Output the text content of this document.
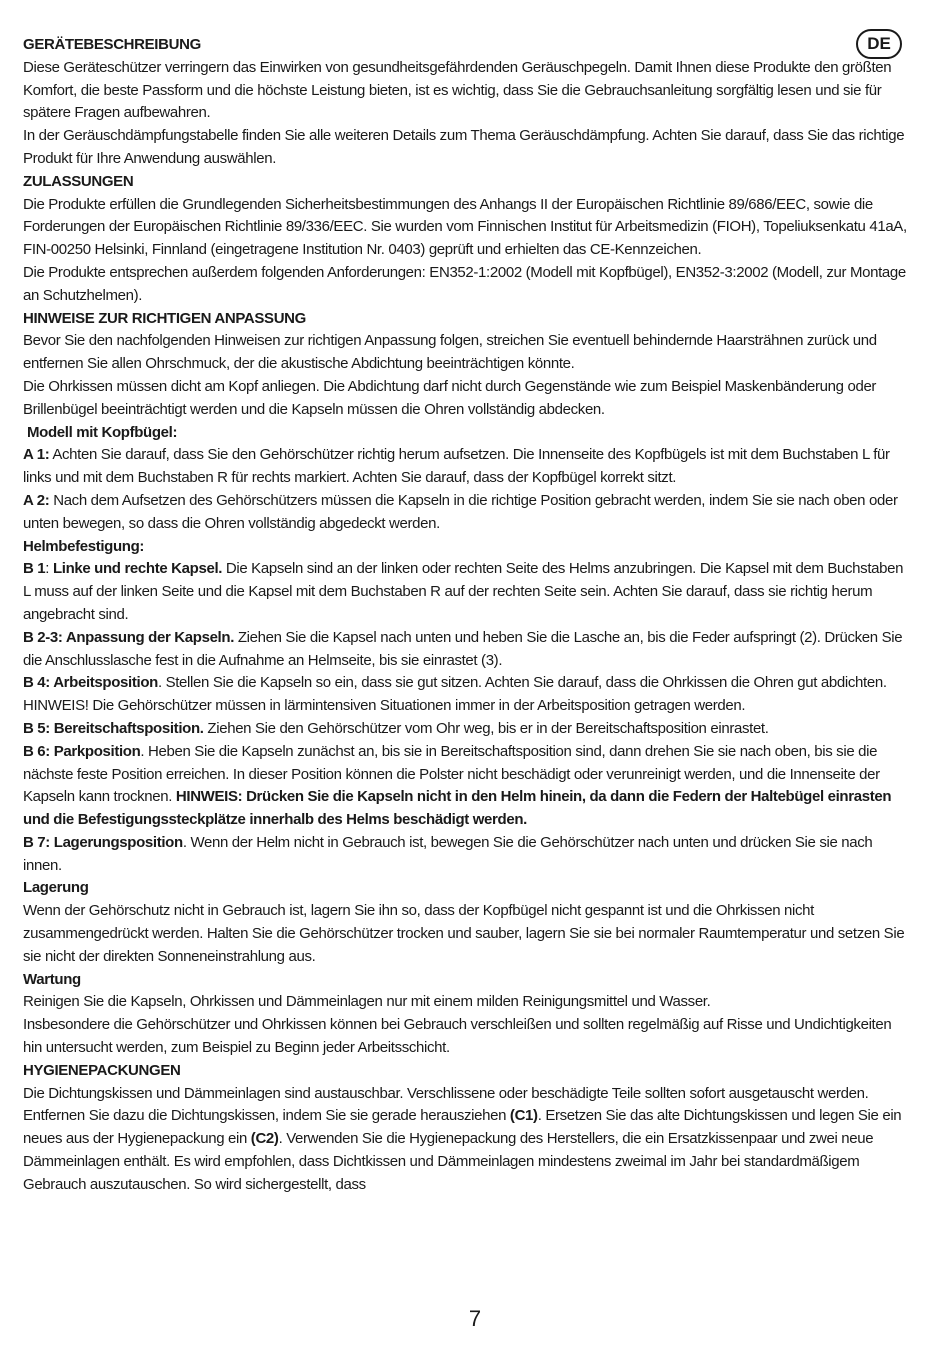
DE

GERÄTEBESCHREIBUNG

Diese Geräteschützer verringern das Einwirken von gesundheitsgefährdenden Geräuschpegeln. Damit Ihnen diese Produkte den größten Komfort, die beste Passform und die höchste Leistung bieten, ist es wichtig, dass Sie die Gebrauchsanleitung sorgfältig lesen und sie für spätere Fragen aufbewahren.

In der Geräuschdämpfungstabelle finden Sie alle weiteren Details zum Thema Geräuschdämpfung. Achten Sie darauf, dass Sie das richtige Produkt für Ihre Anwendung auswählen.

ZULASSUNGEN

Die Produkte erfüllen die Grundlegenden Sicherheitsbestimmungen des Anhangs II der Europäischen Richtlinie 89/686/EEC, sowie die Forderungen der Europäischen Richtlinie 89/336/EEC. Sie wurden vom Finnischen Institut für Arbeitsmedizin (FIOH), Topeliuksenkatu 41aA, FIN-00250 Helsinki, Finnland (eingetragene Institution Nr. 0403) geprüft und erhielten das CE-Kennzeichen.

Die Produkte entsprechen außerdem folgenden Anforderungen: EN352-1:2002 (Modell mit Kopfbügel), EN352-3:2002 (Modell, zur Montage an Schutzhelmen).

HINWEISE ZUR RICHTIGEN ANPASSUNG

Bevor Sie den nachfolgenden Hinweisen zur richtigen Anpassung folgen, streichen Sie eventuell behindernde Haarsträhnen zurück und entfernen Sie allen Ohrschmuck, der die akustische Abdichtung beeinträchtigen könnte.

Die Ohrkissen müssen dicht am Kopf anliegen. Die Abdichtung darf nicht durch Gegenstände wie zum Beispiel Maskenbänderung oder Brillenbügel beeinträchtigt werden und die Kapseln müssen die Ohren vollständig abdecken.

Modell mit Kopfbügel:

A 1: Achten Sie darauf, dass Sie den Gehörschützer richtig herum aufsetzen. Die Innenseite des Kopfbügels ist mit dem Buchstaben L für links und mit dem Buchstaben R für rechts markiert. Achten Sie darauf, dass der Kopfbügel korrekt sitzt.

A 2: Nach dem Aufsetzen des Gehörschützers müssen die Kapseln in die richtige Position gebracht werden, indem Sie sie nach oben oder unten bewegen, so dass die Ohren vollständig abgedeckt werden.

Helmbefestigung:

B 1: Linke und rechte Kapsel. Die Kapseln sind an der linken oder rechten Seite des Helms anzubringen. Die Kapsel mit dem Buchstaben L muss auf der linken Seite und die Kapsel mit dem Buchstaben R auf der rechten Seite sein. Achten Sie darauf, dass sie richtig herum angebracht sind.

B 2-3: Anpassung der Kapseln. Ziehen Sie die Kapsel nach unten und heben Sie die Lasche an, bis die Feder aufspringt (2). Drücken Sie die Anschlusslasche fest in die Aufnahme an Helmseite, bis sie einrastet (3).

B 4: Arbeitsposition. Stellen Sie die Kapseln so ein, dass sie gut sitzen. Achten Sie darauf, dass die Ohrkissen die Ohren gut abdichten. HINWEIS! Die Gehörschützer müssen in lärmintensiven Situationen immer in der Arbeitsposition getragen werden.

B 5: Bereitschaftsposition. Ziehen Sie den Gehörschützer vom Ohr weg, bis er in der Bereitschaftsposition einrastet.

B 6: Parkposition. Heben Sie die Kapseln zunächst an, bis sie in Bereitschaftsposition sind, dann drehen Sie sie nach oben, bis sie die nächste feste Position erreichen. In dieser Position können die Polster nicht beschädigt oder verunreinigt werden, und die Innenseite der Kapseln kann trocknen. HINWEIS: Drücken Sie die Kapseln nicht in den Helm hinein, da dann die Federn der Haltebügel einrasten und die Befestigungssteckplätze innerhalb des Helms beschädigt werden.

B 7: Lagerungsposition. Wenn der Helm nicht in Gebrauch ist, bewegen Sie die Gehörschützer nach unten und drücken Sie sie nach innen.

Lagerung

Wenn der Gehörschutz nicht in Gebrauch ist, lagern Sie ihn so, dass der Kopfbügel nicht gespannt ist und die Ohrkissen nicht zusammengedrückt werden. Halten Sie die Gehörschützer trocken und sauber, lagern Sie sie bei normaler Raumtemperatur und setzen Sie sie nicht der direkten Sonneneinstrahlung aus.

Wartung

Reinigen Sie die Kapseln, Ohrkissen und Dämmeinlagen nur mit einem milden Reinigungsmittel und Wasser.

Insbesondere die Gehörschützer und Ohrkissen können bei Gebrauch verschleißen und sollten regelmäßig auf Risse und Undichtigkeiten hin untersucht werden, zum Beispiel zu Beginn jeder Arbeitsschicht.

HYGIENEPACKUNGEN

Die Dichtungskissen und Dämmeinlagen sind austauschbar. Verschlissene oder beschädigte Teile sollten sofort ausgetauscht werden. Entfernen Sie dazu die Dichtungskissen, indem Sie sie gerade herausziehen (C1). Ersetzen Sie das alte Dichtungskissen und legen Sie ein neues aus der Hygienepackung ein (C2). Verwenden Sie die Hygienepackung des Herstellers, die ein Ersatzkissenpaar und zwei neue Dämmeinlagen enthält. Es wird empfohlen, dass Dichtkissen und Dämmeinlagen mindestens zweimal im Jahr bei standardmäßigem Gebrauch auszutauschen. So wird sichergestellt, dass

7
